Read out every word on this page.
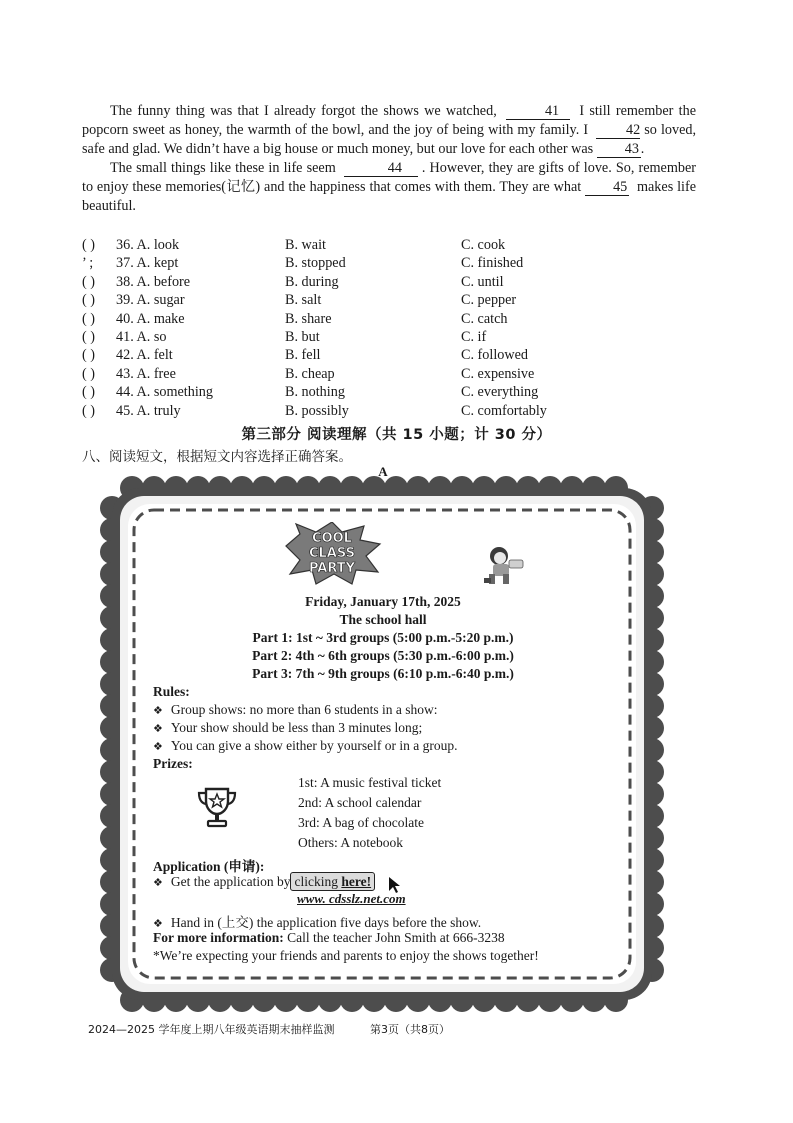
The funny thing was that I already forgot the shows we watched,	41 I still remember the popcorn sweet as honey, the warmth of the bowl, and the joy of being with my family. I	42 so loved, safe and glad. We didn’t have a big house or much money, but our love for each other was 43 .

The small things like these in life seem	44 . However, they are gifts of love. So, remember to enjoy these memories(记忆) and the happiness that comes with them. They are what 45 makes life beautiful.

( ) 36. A. look	B. wait	C. cook
’ ; 37. A. kept	B. stopped	C. finished
( ) 38. A. before	B. during	C. until
( ) 39. A. sugar	B. salt	C. pepper
( ) 40. A. make	B. share	C. catch
( ) 41. A. so	B. but	C. if
( ) 42. A. felt	B. fell	C. followed
( ) 43. A. free	B. cheap	C. expensive
( ) 44. A. something	B. nothing	C. everything
( ) 45. A. truly	B. possibly	C. comfortably
第三部分 阅读理解（共 15 小题；计 30 分）
八、阅读短文，根据短文内容选择正确答案。
A
COOL
CLASS
PARTY
Friday, January 17th, 2025
The school hall
Part 1: 1st ~ 3rd groups (5:00 p.m.-5:20 p.m.)
Part 2: 4th ~ 6th groups (5:30 p.m.-6:00 p.m.)
Part 3: 7th ~ 9th groups (6:10 p.m.-6:40 p.m.)
Rules:
❖ Group shows: no more than 6 students in a show:
❖ Your show should be less than 3 minutes long;
❖ You can give a show either by yourself or in a group.
Prizes:
1st: A music festival ticket
2nd: A school calendar
3rd: A bag of chocolate
Others: A notebook
Application (申请):
❖ Get the application by clicking here!
www. cdsslz.net.com
❖ Hand in (上交) the application five days before the show.
For more information: Call the teacher John Smith at 666-3238
*We’re expecting your friends and parents to enjoy the shows together!
2024—2025 学年度上期八年级英语期末抽样监测	第3页（共8页）
